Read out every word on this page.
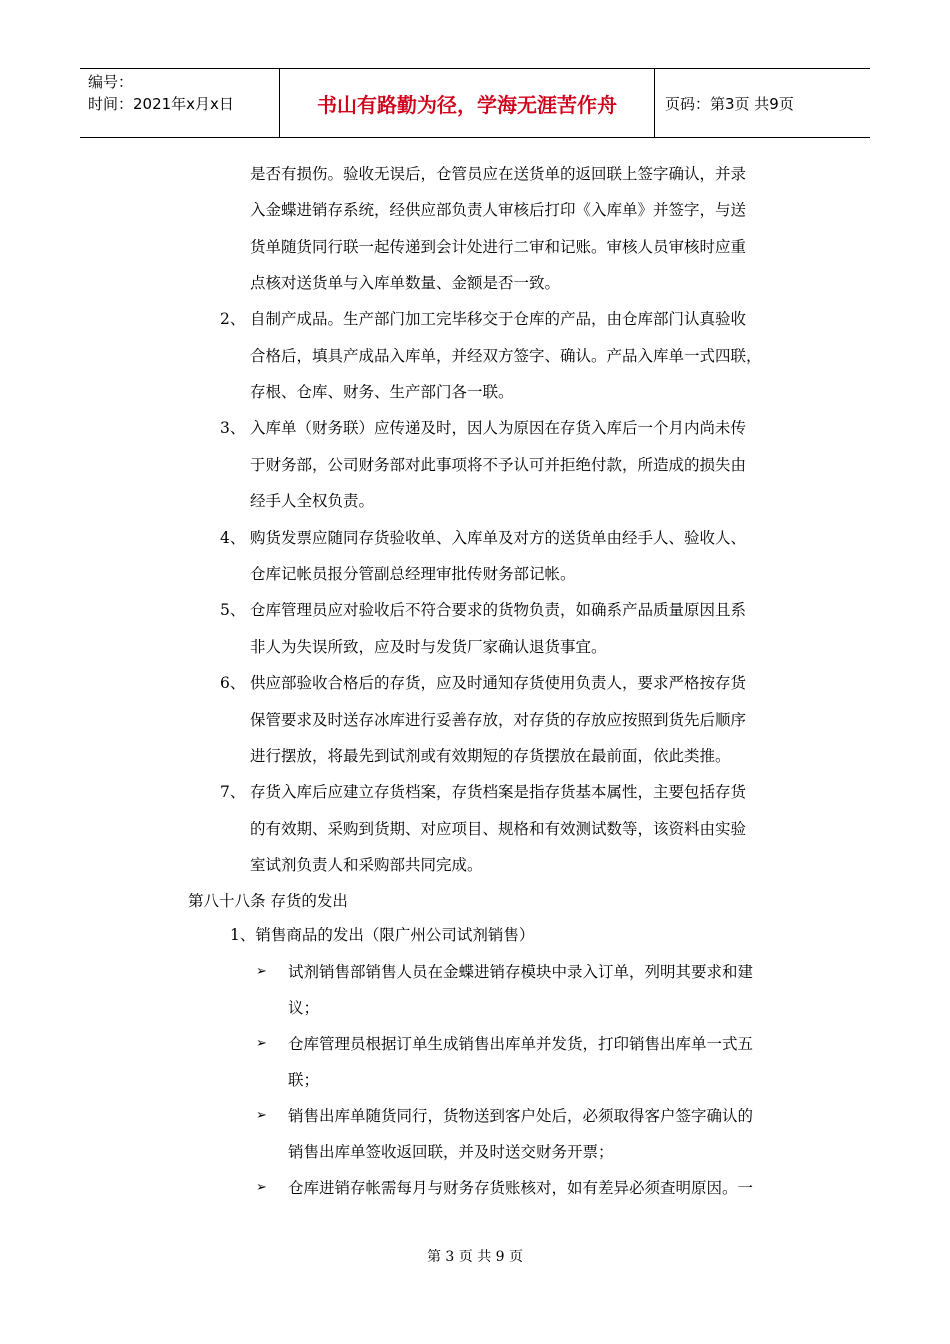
编号：
时间：2021年x月x日	书山有路勤为径，学海无涯苦作舟	页码：第3页 共9页
是否有损伤。验收无误后，仓管员应在送货单的返回联上签字确认，并录
入金蝶进销存系统，经供应部负责人审核后打印《入库单》并签字，与送
货单随货同行联一起传递到会计处进行二审和记账。审核人员审核时应重
点核对送货单与入库单数量、金额是否一致。
2、 自制产成品。生产部门加工完毕移交于仓库的产品，由仓库部门认真验收
合格后，填具产成品入库单，并经双方签字、确认。产品入库单一式四联，
存根、仓库、财务、生产部门各一联。
3、 入库单（财务联）应传递及时，因人为原因在存货入库后一个月内尚未传
于财务部，公司财务部对此事项将不予认可并拒绝付款，所造成的损失由
经手人全权负责。
4、 购货发票应随同存货验收单、入库单及对方的送货单由经手人、验收人、
仓库记帐员报分管副总经理审批传财务部记帐。
5、 仓库管理员应对验收后不符合要求的货物负责，如确系产品质量原因且系
非人为失误所致，应及时与发货厂家确认退货事宜。
6、 供应部验收合格后的存货，应及时通知存货使用负责人，要求严格按存货
保管要求及时送存冰库进行妥善存放，对存货的存放应按照到货先后顺序
进行摆放，将最先到试剂或有效期短的存货摆放在最前面，依此类推。
7、 存货入库后应建立存货档案，存货档案是指存货基本属性，主要包括存货
的有效期、采购到货期、对应项目、规格和有效测试数等，该资料由实验
室试剂负责人和采购部共同完成。
第八十八条 存货的发出
1、销售商品的发出（限广州公司试剂销售）
➢ 试剂销售部销售人员在金蝶进销存模块中录入订单，列明其要求和建
议；
➢ 仓库管理员根据订单生成销售出库单并发货，打印销售出库单一式五
联；
➢ 销售出库单随货同行，货物送到客户处后，必须取得客户签字确认的
销售出库单签收返回联，并及时送交财务开票；
➢ 仓库进销存帐需每月与财务存货账核对，如有差异必须查明原因。一
第 3 页 共 9 页
